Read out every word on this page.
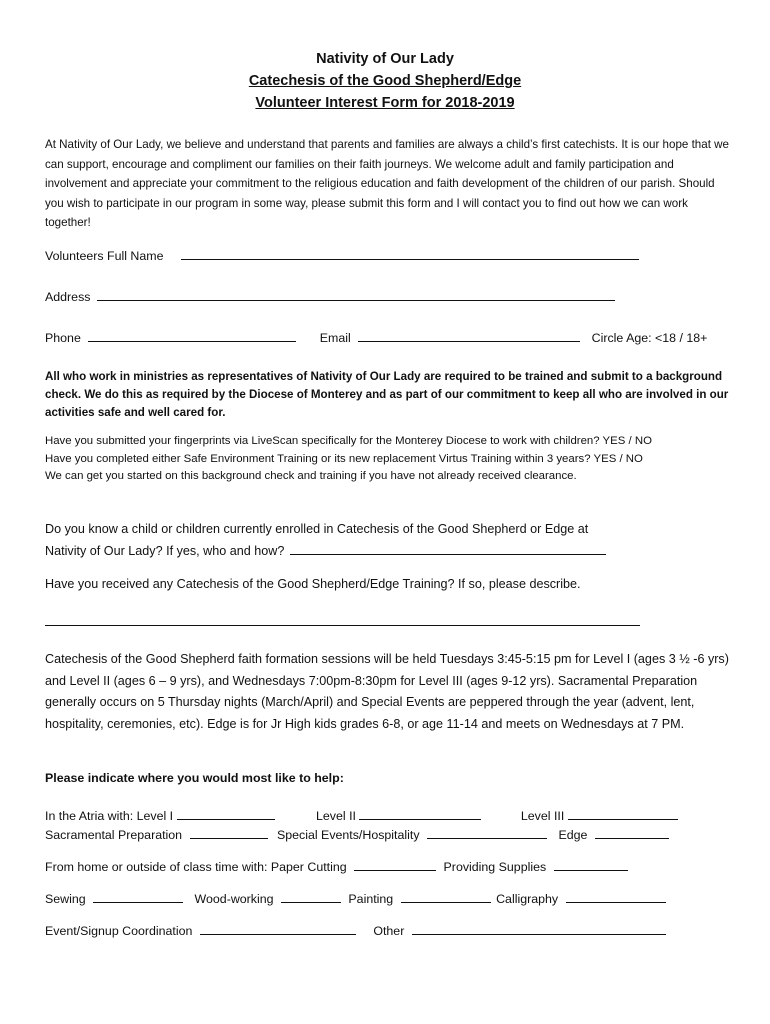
Nativity of Our Lady
Catechesis of the Good Shepherd/Edge
Volunteer Interest Form for 2018-2019
At Nativity of Our Lady, we believe and understand that parents and families are always a child’s first catechists. It is our hope that we can support, encourage and compliment our families on their faith journeys. We welcome adult and family participation and involvement and appreciate your commitment to the religious education and faith development of the children of our parish. Should you wish to participate in our program in some way, please submit this form and I will contact you to find out how we can work together!
Volunteers Full Name
Address
Phone	Email	Circle Age: <18 / 18+
All who work in ministries as representatives of Nativity of Our Lady are required to be trained and submit to a background check. We do this as required by the Diocese of Monterey and as part of our commitment to keep all who are involved in our activities safe and well cared for.
Have you submitted your fingerprints via LiveScan specifically for the Monterey Diocese to work with children? YES / NO
Have you completed either Safe Environment Training or its new replacement Virtus Training within 3 years? YES / NO
We can get you started on this background check and training if you have not already received clearance.
Do you know a child or children currently enrolled in Catechesis of the Good Shepherd or Edge at
Nativity of Our Lady? If yes, who and how?
Have you received any Catechesis of the Good Shepherd/Edge Training? If so, please describe.
Catechesis of the Good Shepherd faith formation sessions will be held Tuesdays 3:45-5:15 pm for Level I (ages 3 ½ -6 yrs) and Level II (ages 6 – 9 yrs), and Wednesdays 7:00pm-8:30pm for Level III (ages 9-12 yrs). Sacramental Preparation generally occurs on 5 Thursday nights (March/April) and Special Events are peppered through the year (advent, lent, hospitality, ceremonies, etc). Edge is for Jr High kids grades 6-8, or age 11-14 and meets on Wednesdays at 7 PM.
Please indicate where you would most like to help:
In the Atria with: Level I	Level II	Level III
Sacramental Preparation	Special Events/Hospitality	Edge
From home or outside of class time with: Paper Cutting	Providing Supplies
Sewing	Wood-working	Painting	Calligraphy
Event/Signup Coordination	Other
